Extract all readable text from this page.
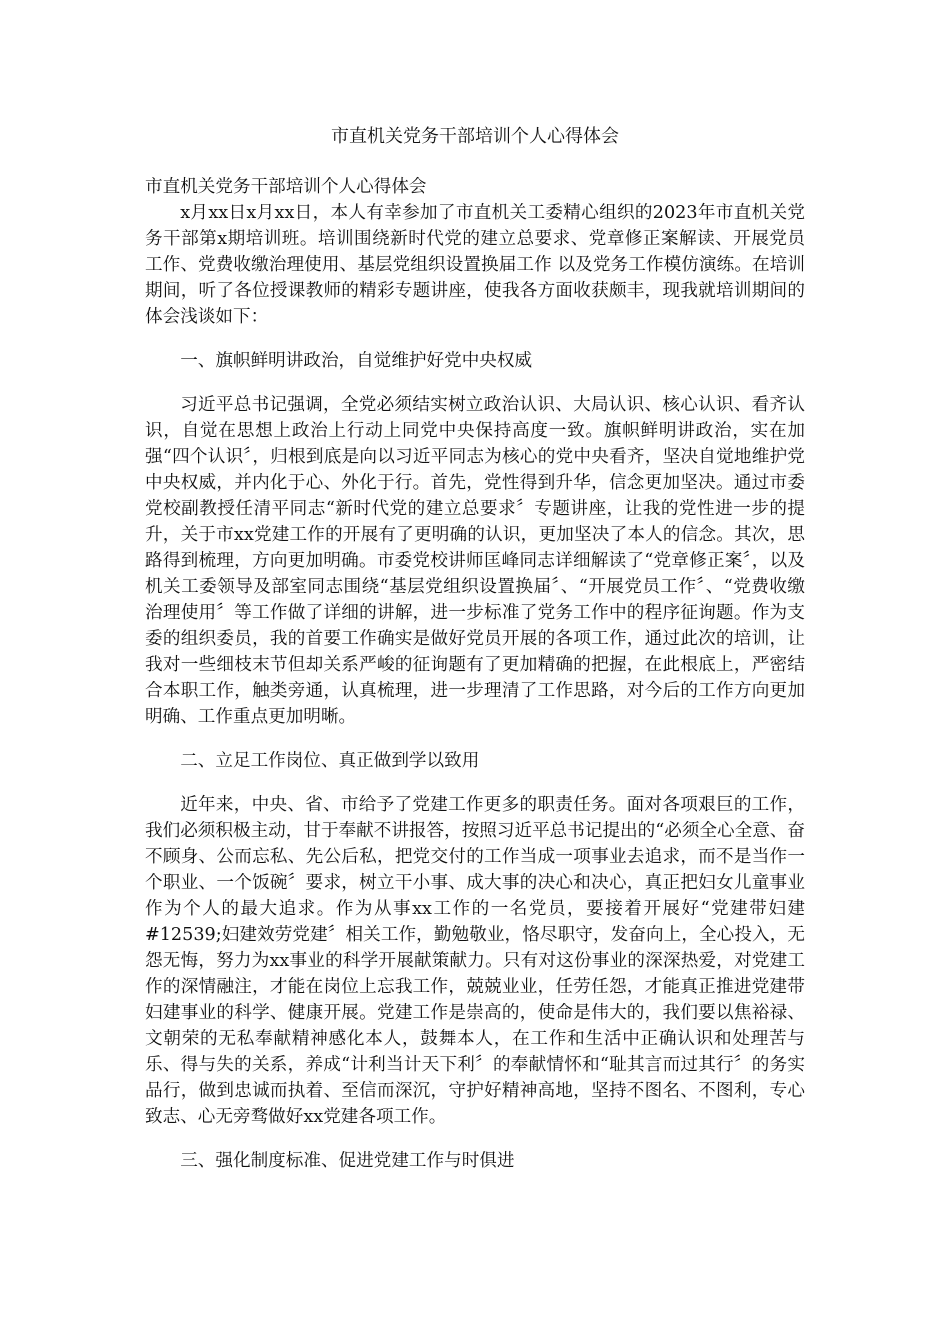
市直机关党务干部培训个人心得体会

市直机关党务干部培训个人心得体会

x月xx日x月xx日，本人有幸参加了市直机关工委精心组织的2023年市直机关党务干部第x期培训班。培训围绕新时代党的建立总要求、党章修正案解读、开展党员工作、党费收缴治理使用、基层党组织设置换届工作 以及党务工作模仿演练。在培训期间，听了各位授课教师的精彩专题讲座，使我各方面收获颇丰，现我就培训期间的体会浅谈如下：

一、旗帜鲜明讲政治，自觉维护好党中央权威

习近平总书记强调，全党必须结实树立政治认识、大局认识、核心认识、看齐认识，自觉在思想上政治上行动上同党中央保持高度一致。旗帜鲜明讲政治，实在加强“四个认识〞，归根到底是向以习近平同志为核心的党中央看齐，坚决自觉地维护党中央权威，并内化于心、外化于行。首先，党性得到升华，信念更加坚决。通过市委党校副教授任清平同志“新时代党的建立总要求〞专题讲座，让我的党性进一步的提升，关于市xx党建工作的开展有了更明确的认识，更加坚决了本人的信念。其次，思路得到梳理，方向更加明确。市委党校讲师匡峰同志详细解读了“党章修正案〞，以及机关工委领导及部室同志围绕“基层党组织设置换届〞、“开展党员工作〞、“党费收缴治理使用〞等工作做了详细的讲解，进一步标准了党务工作中的程序征询题。作为支委的组织委员，我的首要工作确实是做好党员开展的各项工作，通过此次的培训，让我对一些细枝末节但却关系严峻的征询题有了更加精确的把握，在此根底上，严密结合本职工作，触类旁通，认真梳理，进一步理清了工作思路，对今后的工作方向更加明确、工作重点更加明晰。

二、立足工作岗位、真正做到学以致用

近年来，中央、省、市给予了党建工作更多的职责任务。面对各项艰巨的工作，我们必须积极主动，甘于奉献不讲报答，按照习近平总书记提出的“必须全心全意、奋不顾身、公而忘私、先公后私，把党交付的工作当成一项事业去追求，而不是当作一个职业、一个饭碗〞要求，树立干小事、成大事的决心和决心，真正把妇女儿童事业作为个人的最大追求。作为从事xx工作的一名党员，要接着开展好“党建带妇建#12539;妇建效劳党建〞相关工作，勤勉敬业，恪尽职守，发奋向上，全心投入，无怨无悔，努力为xx事业的科学开展献策献力。只有对这份事业的深深热爱，对党建工作的深情融注，才能在岗位上忘我工作，兢兢业业，任劳任怨，才能真正推进党建带妇建事业的科学、健康开展。党建工作是崇高的，使命是伟大的，我们要以焦裕禄、文朝荣的无私奉献精神感化本人，鼓舞本人，在工作和生活中正确认识和处理苦与乐、得与失的关系，养成“计利当计天下利〞的奉献情怀和“耻其言而过其行〞的务实品行，做到忠诚而执着、至信而深沉，守护好精神高地，坚持不图名、不图利，专心致志、心无旁骛做好xx党建各项工作。

三、强化制度标准、促进党建工作与时俱进
